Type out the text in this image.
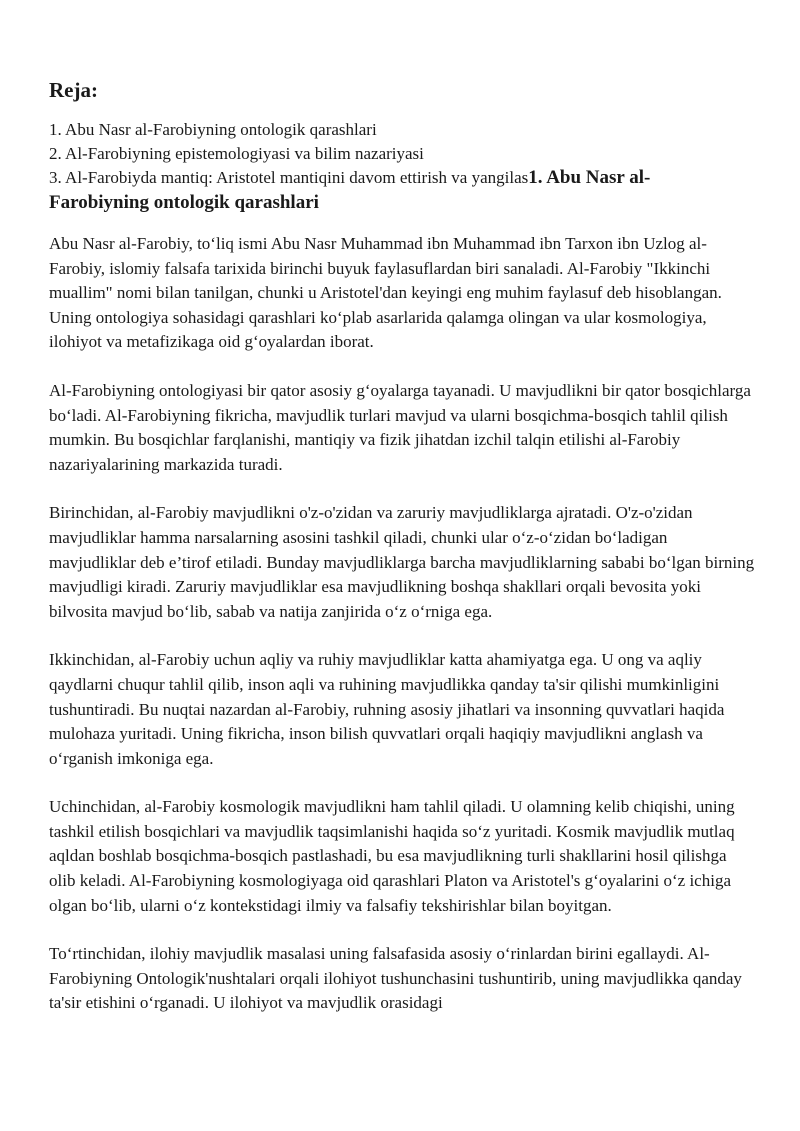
Reja:
1. Abu Nasr al-Farobiyning ontologik qarashlari
2. Al-Farobiyning epistemologiyasi va bilim nazariyasi
3. Al-Farobiyda mantiq: Aristotel mantiqini davom ettirish va yangilas1. Abu Nasr al-
Farobiyning ontologik qarashlari

Abu Nasr al-Farobiy, to‘liq ismi Abu Nasr Muhammad ibn Muhammad ibn Tarxon ibn Uzlog al-Farobiy, islomiy falsafa tarixida birinchi buyuk faylasuflardan biri sanaladi. Al-Farobiy "Ikkinchi muallim" nomi bilan tanilgan, chunki u Aristotel'dan keyingi eng muhim faylasuf deb hisoblangan. Uning ontologiya sohasidagi qarashlari ko‘plab asarlarida qalamga olingan va ular kosmologiya, ilohiyot va metafizikaga oid g‘oyalardan iborat.

Al-Farobiyning ontologiyasi bir qator asosiy g‘oyalarga tayanadi. U mavjudlikni bir qator bosqichlarga bo‘ladi. Al-Farobiyning fikricha, mavjudlik turlari mavjud va ularni bosqichma-bosqich tahlil qilish mumkin. Bu bosqichlar farqlanishi, mantiqiy va fizik jihatdan izchil talqin etilishi al-Farobiy nazariyalarining markazida turadi.

Birinchidan, al-Farobiy mavjudlikni o'z-o'zidan va zaruriy mavjudliklarga ajratadi. O'z-o'zidan mavjudliklar hamma narsalarning asosini tashkil qiladi, chunki ular o‘z-o‘zidan bo‘ladigan mavjudliklar deb e’tirof etiladi. Bunday mavjudliklarga barcha mavjudliklarning sababi bo‘lgan birning mavjudligi kiradi. Zaruriy mavjudliklar esa mavjudlikning boshqa shakllari orqali bevosita yoki bilvosita mavjud bo‘lib, sabab va natija zanjirida o‘z o‘rniga ega.

Ikkinchidan, al-Farobiy uchun aqliy va ruhiy mavjudliklar katta ahamiyatga ega. U ong va aqliy qaydlarni chuqur tahlil qilib, inson aqli va ruhining mavjudlikka qanday ta'sir qilishi mumkinligini tushuntiradi. Bu nuqtai nazardan al-Farobiy, ruhning asosiy jihatlari va insonning quvvatlari haqida mulohaza yuritadi. Uning fikricha, inson bilish quvvatlari orqali haqiqiy mavjudlikni anglash va o‘rganish imkoniga ega.

Uchinchidan, al-Farobiy kosmologik mavjudlikni ham tahlil qiladi. U olamning kelib chiqishi, uning tashkil etilish bosqichlari va mavjudlik taqsimlanishi haqida so‘z yuritadi. Kosmik mavjudlik mutlaq aqldan boshlab bosqichma-bosqich pastlashadi, bu esa mavjudlikning turli shakllarini hosil qilishga olib keladi. Al-Farobiyning kosmologiyaga oid qarashlari Platon va Aristotel's g‘oyalarini o‘z ichiga olgan bo‘lib, ularni o‘z kontekstidagi ilmiy va falsafiy tekshirishlar bilan boyitgan.

To‘rtinchidan, ilohiy mavjudlik masalasi uning falsafasida asosiy o‘rinlardan birini egallaydi. Al-Farobiyning Ontologik'nushtalari orqali ilohiyot tushunchasini tushuntirib, uning mavjudlikka qanday ta'sir etishini o‘rganadi. U ilohiyot va mavjudlik orasidagi
